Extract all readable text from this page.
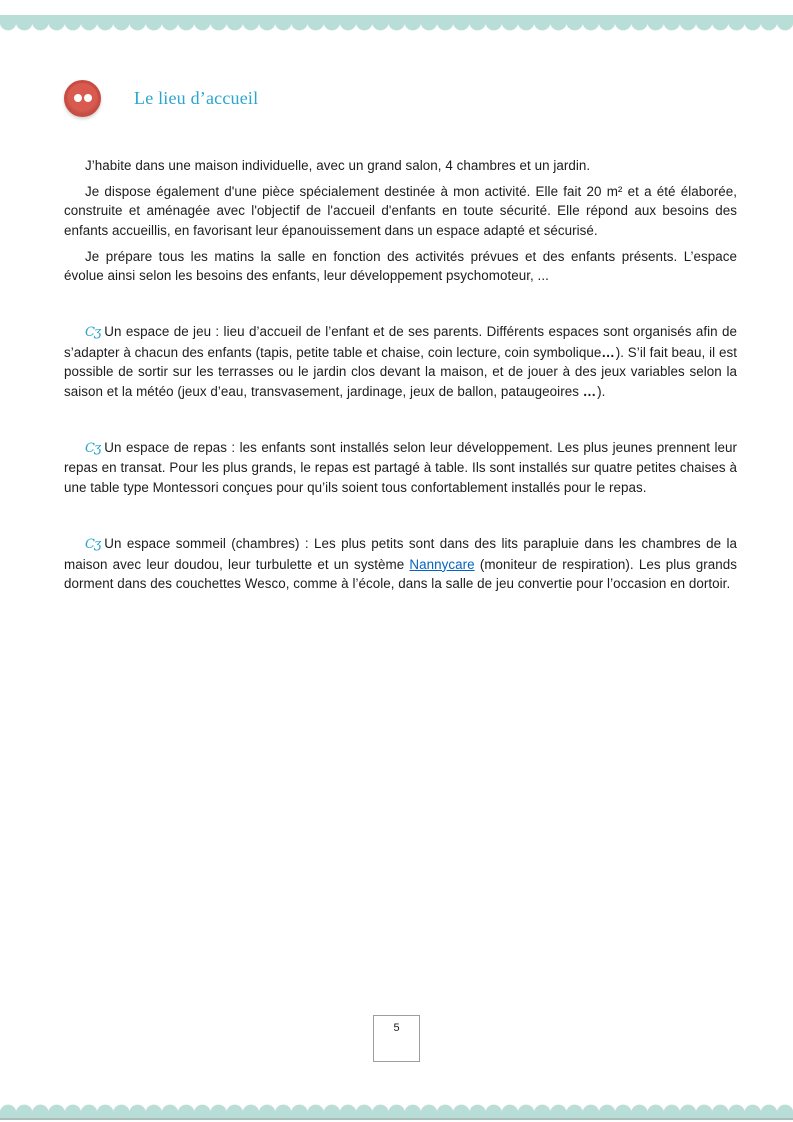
Le lieu d’accueil

J’habite dans une maison individuelle, avec un grand salon, 4 chambres et un jardin.

Je dispose également d'une pièce spécialement destinée à mon activité. Elle fait 20 m² et a été élaborée, construite et aménagée avec l'objectif de l'accueil d'enfants en toute sécurité. Elle répond aux besoins des enfants accueillis, en favorisant leur épanouissement dans un espace adapté et sécurisé.

Je prépare tous les matins la salle en fonction des activités prévues et des enfants présents. L’espace évolue ainsi selon les besoins des enfants, leur développement psychomoteur, ...

Cʒ Un espace de jeu : lieu d’accueil de l’enfant et de ses parents. Différents espaces sont organisés afin de s’adapter à chacun des enfants (tapis, petite table et chaise, coin lecture, coin symbolique…). S’il fait beau, il est possible de sortir sur les terrasses ou le jardin clos devant la maison, et de jouer à des jeux variables selon la saison et la météo (jeux d’eau, transvasement, jardinage, jeux de ballon, pataugeoires …).

Cʒ Un espace de repas : les enfants sont installés selon leur développement. Les plus jeunes prennent leur repas en transat. Pour les plus grands, le repas est partagé à table. Ils sont installés sur quatre petites chaises à une table type Montessori conçues pour qu’ils soient tous confortablement installés pour le repas.

Cʒ Un espace sommeil (chambres) : Les plus petits sont dans des lits parapluie dans les chambres de la maison avec leur doudou, leur turbulette et un système Nannycare (moniteur de respiration). Les plus grands dorment dans des couchettes Wesco, comme à l’école, dans la salle de jeu convertie pour l’occasion en dortoir.

5
